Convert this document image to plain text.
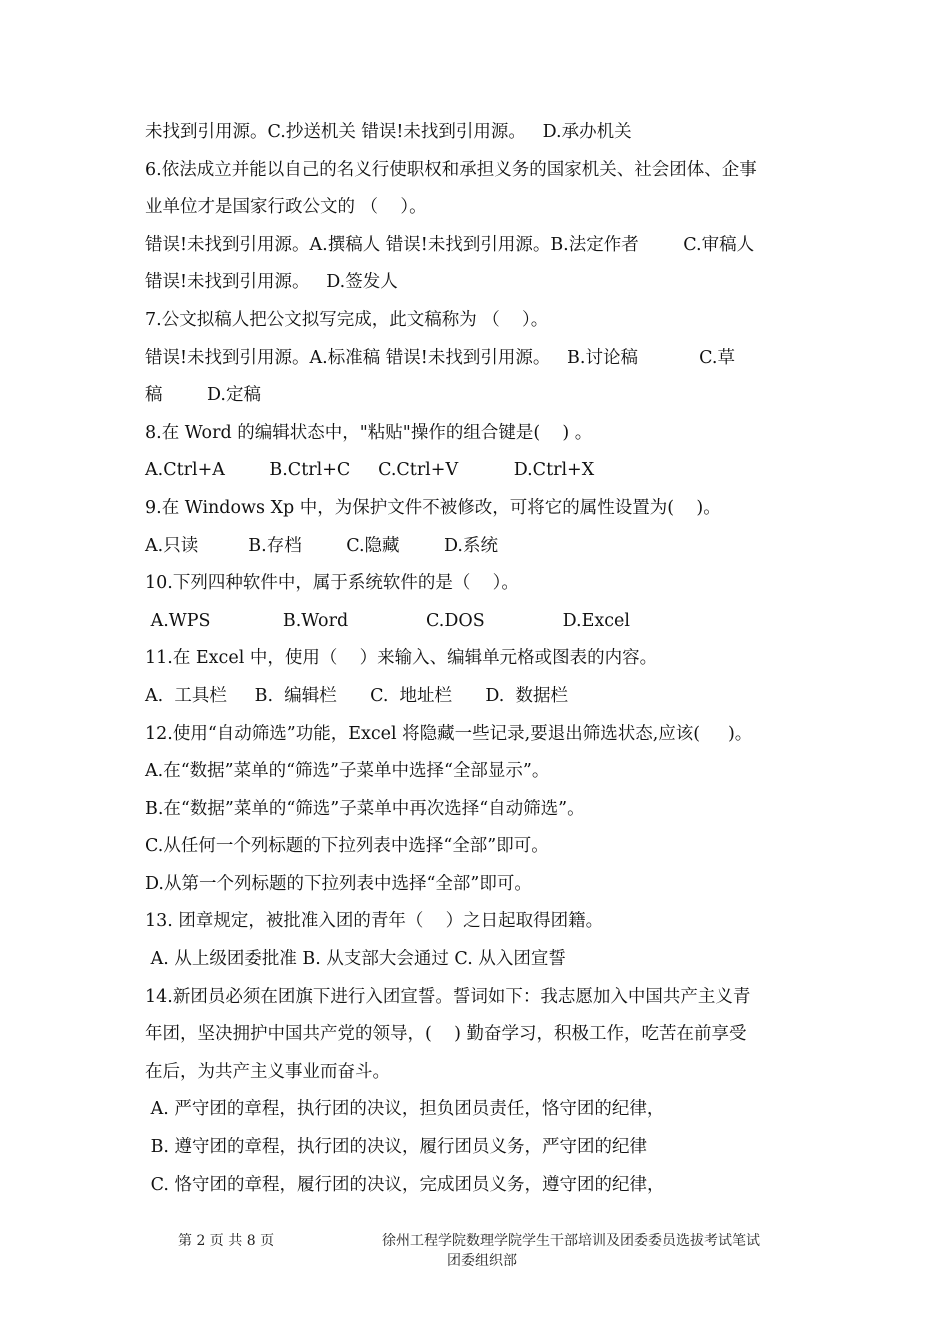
未找到引用源。C.抄送机关 错误!未找到引用源。   D.承办机关
6.依法成立并能以自己的名义行使职权和承担义务的国家机关、社会团体、企事
业单位才是国家行政公文的 （    ）。
错误!未找到引用源。A.撰稿人 错误!未找到引用源。B.法定作者        C.审稿人
错误!未找到引用源。   D.签发人
7.公文拟稿人把公文拟写完成，此文稿称为 （    ）。
错误!未找到引用源。A.标准稿 错误!未找到引用源。   B.讨论稿           C.草
稿        D.定稿
8.在 Word 的编辑状态中，"粘贴"操作的组合键是(    ) 。
A.Ctrl+A        B.Ctrl+C     C.Ctrl+V          D.Ctrl+X
9.在 Windows Xp 中，为保护文件不被修改，可将它的属性设置为(    )。
A.只读         B.存档        C.隐藏        D.系统
10.下列四种软件中，属于系统软件的是（    ）。
A.WPS             B.Word              C.DOS              D.Excel
11.在 Excel 中，使用（    ）来输入、编辑单元格或图表的内容。
A.  工具栏     B.  编辑栏      C.  地址栏      D.  数据栏
12.使用“自动筛选”功能，Excel 将隐藏一些记录,要退出筛选状态,应该(     )。
A.在“数据”菜单的“筛选”子菜单中选择“全部显示”。
B.在“数据”菜单的“筛选”子菜单中再次选择“自动筛选”。
C.从任何一个列标题的下拉列表中选择“全部”即可。
D.从第一个列标题的下拉列表中选择“全部”即可。
13. 团章规定，被批准入团的青年（    ）之日起取得团籍。
A. 从上级团委批准 B. 从支部大会通过 C. 从入团宣誓
14.新团员必须在团旗下进行入团宣誓。誓词如下：我志愿加入中国共产主义青
年团，坚决拥护中国共产党的领导，(    ) 勤奋学习，积极工作，吃苦在前享受
在后，为共产主义事业而奋斗。
A. 严守团的章程，执行团的决议，担负团员责任，恪守团的纪律，
B. 遵守团的章程，执行团的决议，履行团员义务，严守团的纪律
C. 恪守团的章程，履行团的决议，完成团员义务，遵守团的纪律，
第 2 页 共 8 页	徐州工程学院数理学院学生干部培训及团委委员选拔考试笔试
团委组织部
